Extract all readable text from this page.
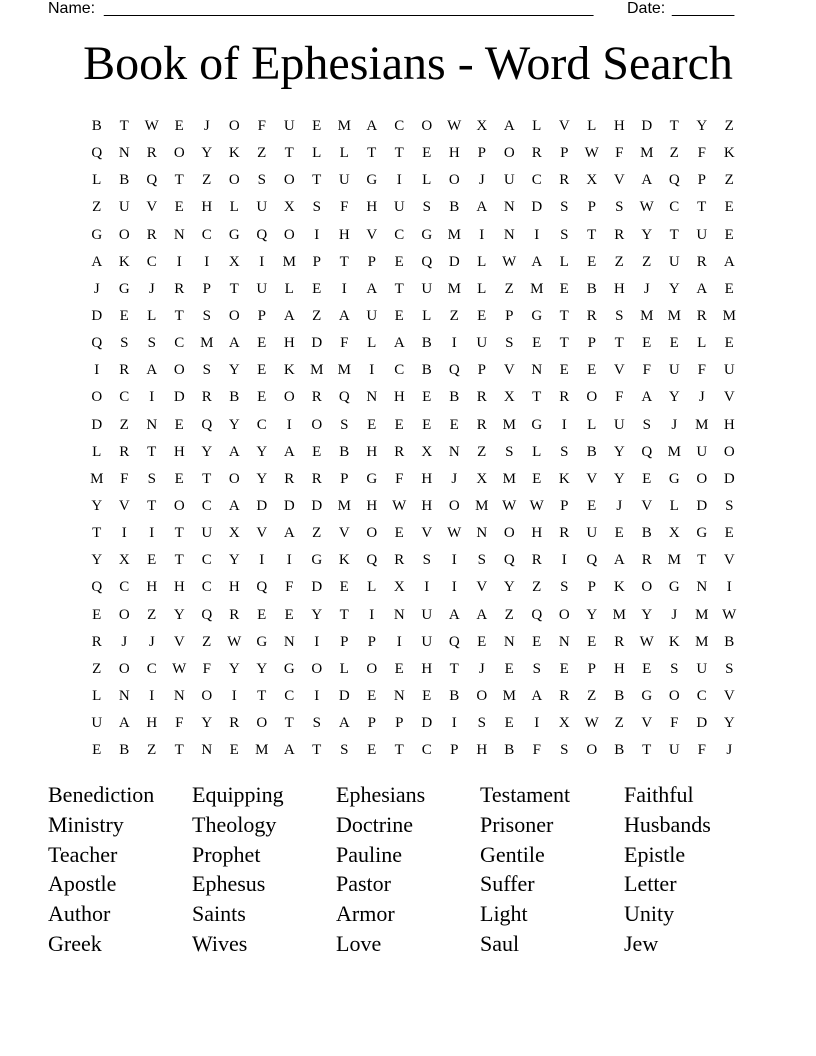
Name: _______________________________________________________ Date: _______
Book of Ephesians - Word Search
B	T	W	E	J	O	F	U	E	M	A	C	O W	X	A	L	V	L	H	D	T	Y	Z
Q	N	R	O	Y	K	Z	T	L	L	T	T	E	H	P	O	R	P	W	F	M	Z	F	K
L	B	Q	T	Z	O	S	O	T	U	G	I	L	O	J	U	C	R	X	V	A	Q	P	Z
Z	U	V	E	H	L	U	X	S	F	H	U	S	B	A	N	D	S	P	S	W	C	T	E
G	O	R	N	C	G	Q	O	I	H	V	C	G	M	I	N	I	S	T	R	Y	T	U	E
A	K	C	I	I	X	I	M	P	T	P	E	Q	D	L	W	A	L	E	Z	Z	U	R	A
J	G	J	R	P	T	U	L	E	I	A	T	U	M	L	Z	M	E	B	H	J	Y	A	E
D	E	L	T	S	O	P	A	Z	A	U	E	L	Z	E	P	G	T	R	S	M M	R	M
Q	S	S	C	M	A	E	H	D	F	L	A	B	I	U	S	E	T	P	T	E	E	L	E
I	R	A	O	S	Y	E	K	M M	I	C	B	Q	P	V	N	E	E	V	F	U	F	U
O	C	I	D	R	B	E	O	R	Q	N	H	E	B	R	X	T	R	O	F	A	Y	J	V
D	Z	N	E	Q	Y	C	I	O	S	E	E	E	E	R	M	G	I	L	U	S	J	M	H
L	R	T	H	Y	A	Y	A	E	B	H	R	X	N	Z	S	L	S	B	Y	Q	M	U	O
M	F	S	E	T	O	Y	R	R	P	G	F	H	J	X	M	E	K	V	Y	E	G	O	D
Y	V	T	O	C	A	D	D	D	M	H W	H	O	M W W	P	E	J	V	L	D	S
T	I	I	T	U	X	V	A	Z	V	O	E	V W	N	O	H	R	U	E	B	X	G	E
Y	X	E	T	C	Y	I	I	G	K	Q	R	S	I	S	Q	R	I	Q	A	R	M	T	V
Q	C	H	H	C	H	Q	F	D	E	L	X	I	I	V	Y	Z	S	P	K	O	G	N	I
E	O	Z	Y	Q	R	E	E	Y	T	I	N	U	A	A	Z	Q	O	Y	M	Y	J	M W
R	J	J	V	Z	W	G	N	I	P	P	I	U	Q	E	N	E	N	E	R	W	K	M	B
Z	O	C	W	F	Y	Y	G	O	L	O	E	H	T	J	E	S	E	P	H	E	S	U	S
L	N	I	N	O	I	T	C	I	D	E	N	E	B	O	M	A	R	Z	B	G	O	C	V
U	A	H	F	Y	R	O	T	S	A	P	P	D	I	S	E	I	X W	Z	V	F	D	Y
E	B	Z	T	N	E	M	A	T	S	E	T	C	P	H	B	F	S	O	B	T	U	F	J
Benediction	Equipping	Ephesians	Testament	Faithful
Ministry	Theology	Doctrine	Prisoner	Husbands
Teacher	Prophet	Pauline	Gentile	Epistle
Apostle	Ephesus	Pastor	Suffer	Letter
Author	Saints	Armor	Light	Unity
Greek	Wives	Love	Saul	Jew
